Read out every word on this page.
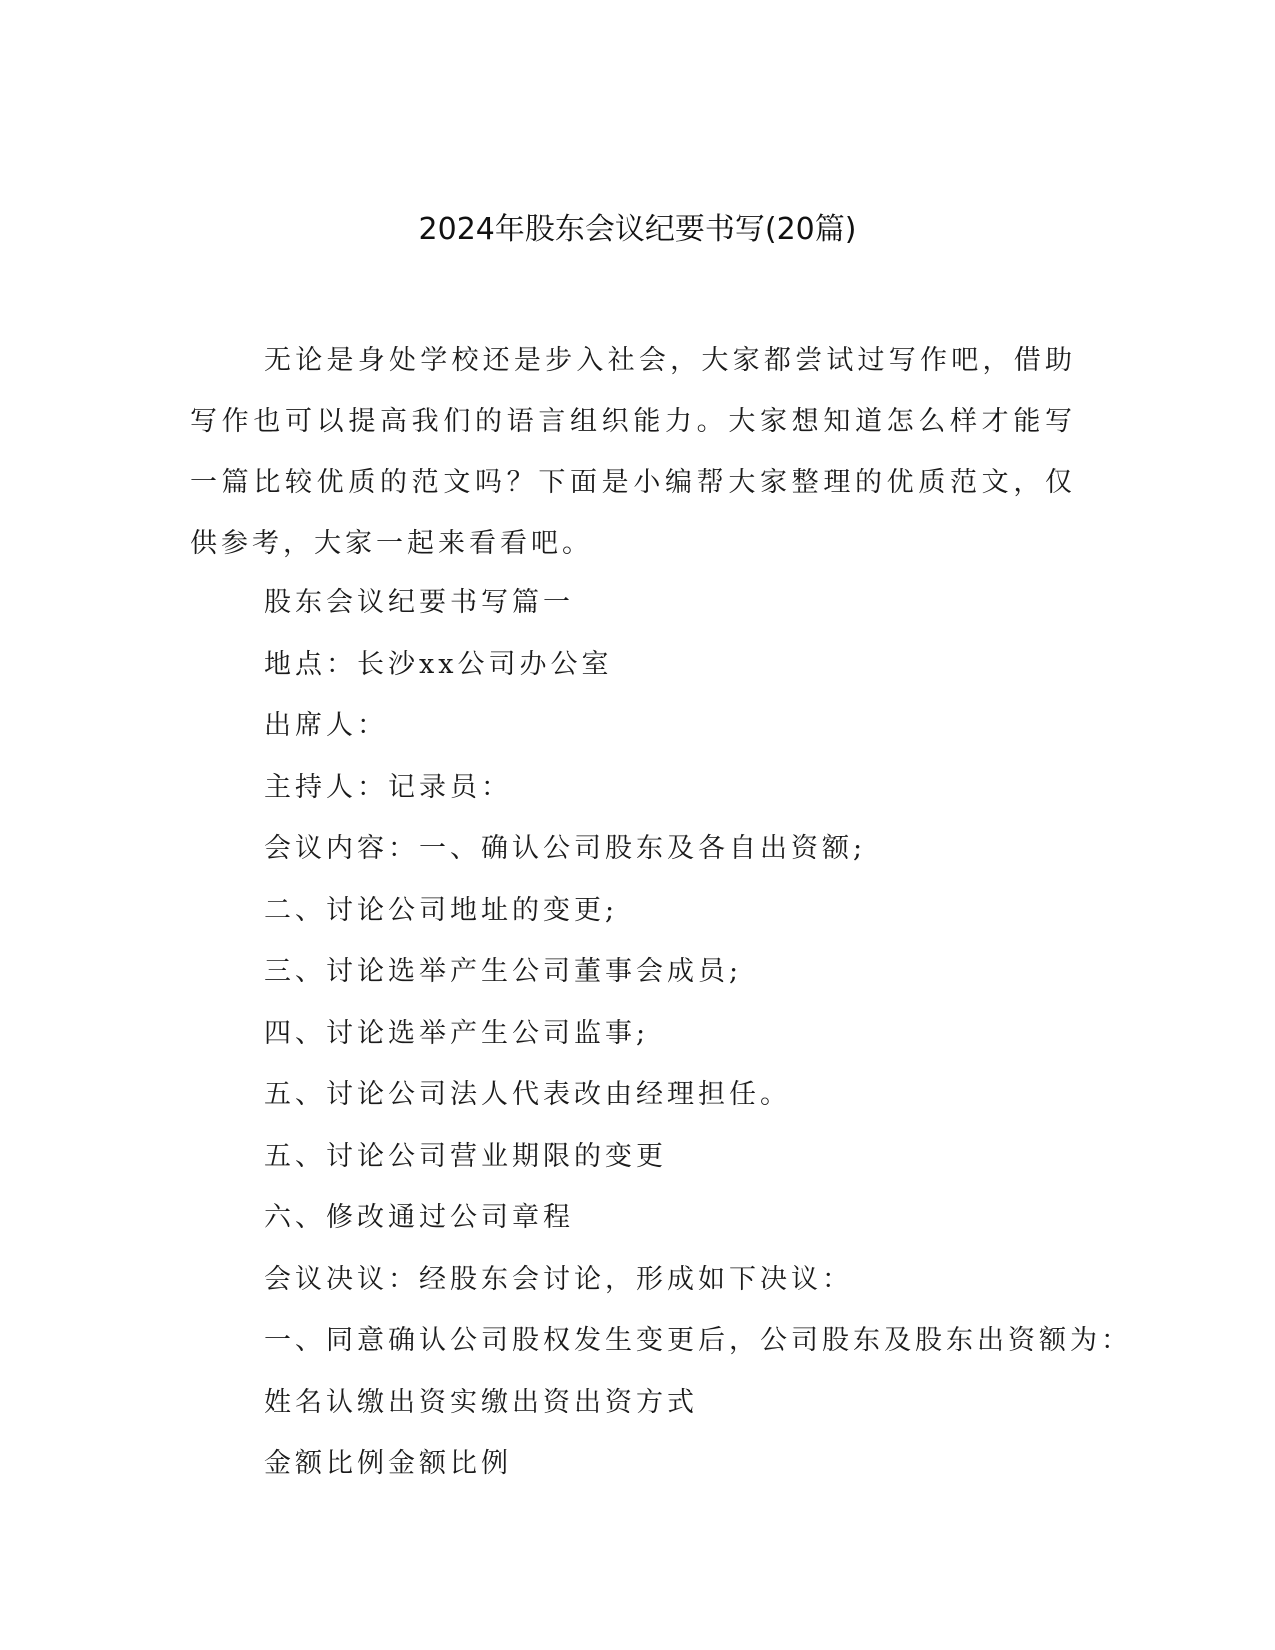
2024年股东会议纪要书写(20篇)

无论是身处学校还是步入社会，大家都尝试过写作吧，借助写作也可以提高我们的语言组织能力。大家想知道怎么样才能写一篇比较优质的范文吗？下面是小编帮大家整理的优质范文，仅供参考，大家一起来看看吧。

股东会议纪要书写篇一
地点：长沙xx公司办公室
出席人：
主持人：记录员：
会议内容：一、确认公司股东及各自出资额;
二、讨论公司地址的变更;
三、讨论选举产生公司董事会成员;
四、讨论选举产生公司监事;
五、讨论公司法人代表改由经理担任。
五、讨论公司营业期限的变更
六、修改通过公司章程
会议决议：经股东会讨论，形成如下决议：
一、同意确认公司股权发生变更后，公司股东及股东出资额为：
姓名认缴出资实缴出资出资方式
金额比例金额比例
